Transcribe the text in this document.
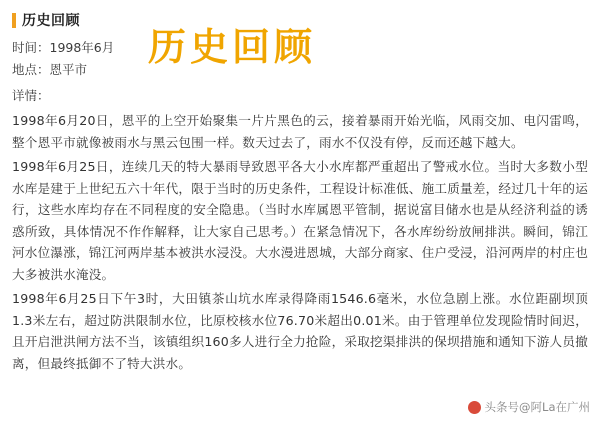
历史回顾
时间：1998年6月
地点：恩平市
历史回顾
详情：

1998年6月20日，恩平的上空开始聚集一片片黑色的云，接着暴雨开始光临，风雨交加、电闪雷鸣，整个恩平市就像被雨水与黑云包围一样。数天过去了，雨水不仅没有停，反而还越下越大。

1998年6月25日，连续几天的特大暴雨导致恩平各大小水库都严重超出了警戒水位。当时大多数小型水库是建于上世纪五六十年代，限于当时的历史条件，工程设计标准低、施工质量差，经过几十年的运行，这些水库均存在不同程度的安全隐患。（当时水库属恩平管制，据说富目储水也是从经济利益的诱惑所致，具体情况不作作解释，让大家自己思考。）在紧急情况下，各水库纷纷放闸排洪。瞬间，锦江河水位瀑涨，锦江河两岸基本被洪水浸没。大水漫进恩城，大部分商家、住户受浸，沿河两岸的村庄也大多被洪水淹没。

1998年6月25日下午3时，大田镇茶山坑水库录得降雨1546.6毫米，水位急剧上涨。水位距副坝顶1.3米左右，超过防洪限制水位，比原校核水位76.70米超出0.01米。由于管理单位发现险情时间迟，且开启泄洪闸方法不当，该镇组织160多人进行全力抢险，采取挖渠排洪的保坝措施和通知下游人员撤离，但最终抵御不了特大洪水。

头条号@阿La在广州
